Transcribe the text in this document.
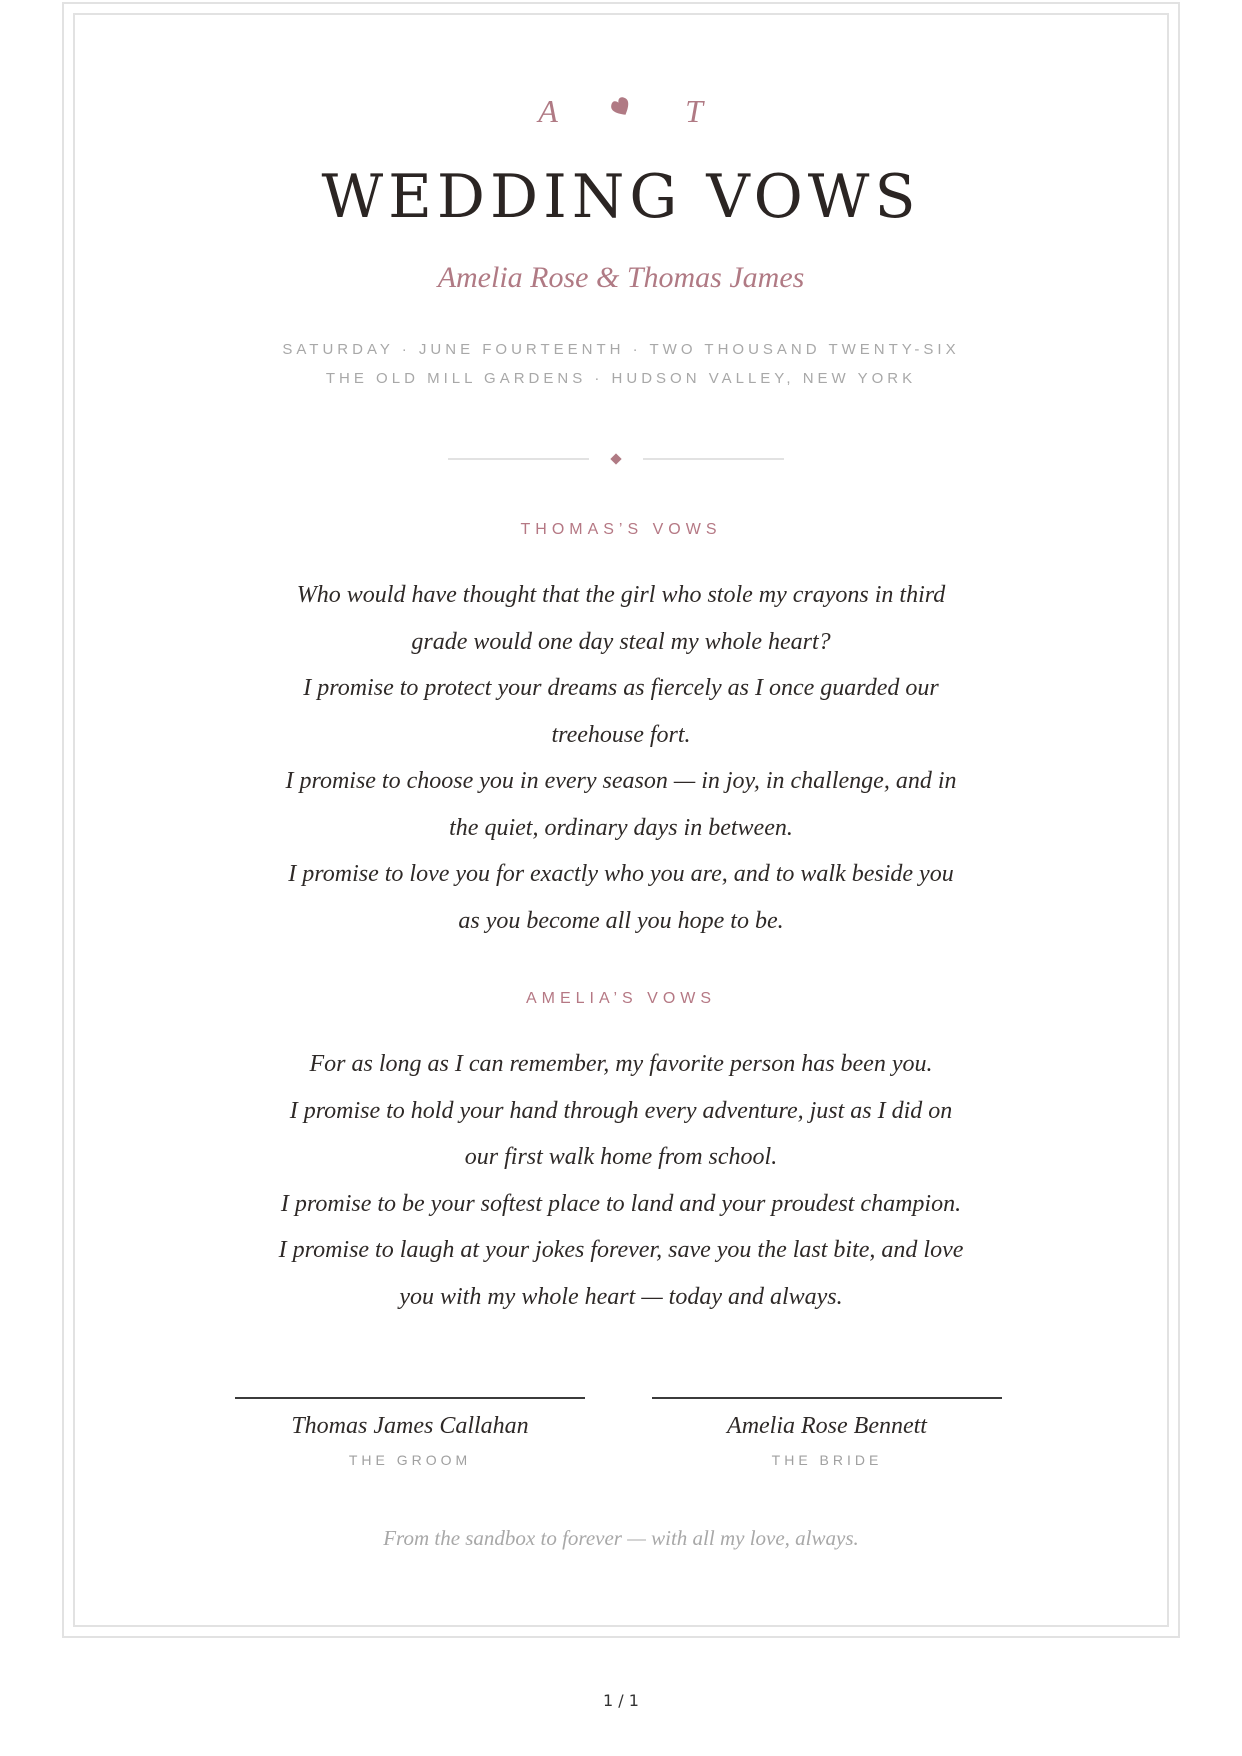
A	T
WEDDING VOWS
Amelia Rose & Thomas James
SATURDAY · JUNE FOURTEENTH · TWO THOUSAND TWENTY-SIX
THE OLD MILL GARDENS · HUDSON VALLEY, NEW YORK
THOMAS’S VOWS
Who would have thought that the girl who stole my crayons in third
grade would one day steal my whole heart?
I promise to protect your dreams as fiercely as I once guarded our
treehouse fort.
I promise to choose you in every season — in joy, in challenge, and in
the quiet, ordinary days in between.
I promise to love you for exactly who you are, and to walk beside you
as you become all you hope to be.
AMELIA’S VOWS
For as long as I can remember, my favorite person has been you.
I promise to hold your hand through every adventure, just as I did on
our first walk home from school.
I promise to be your softest place to land and your proudest champion.
I promise to laugh at your jokes forever, save you the last bite, and love
you with my whole heart — today and always.
Thomas James Callahan
THE GROOM
Amelia Rose Bennett
THE BRIDE
From the sandbox to forever — with all my love, always.
1 / 1
